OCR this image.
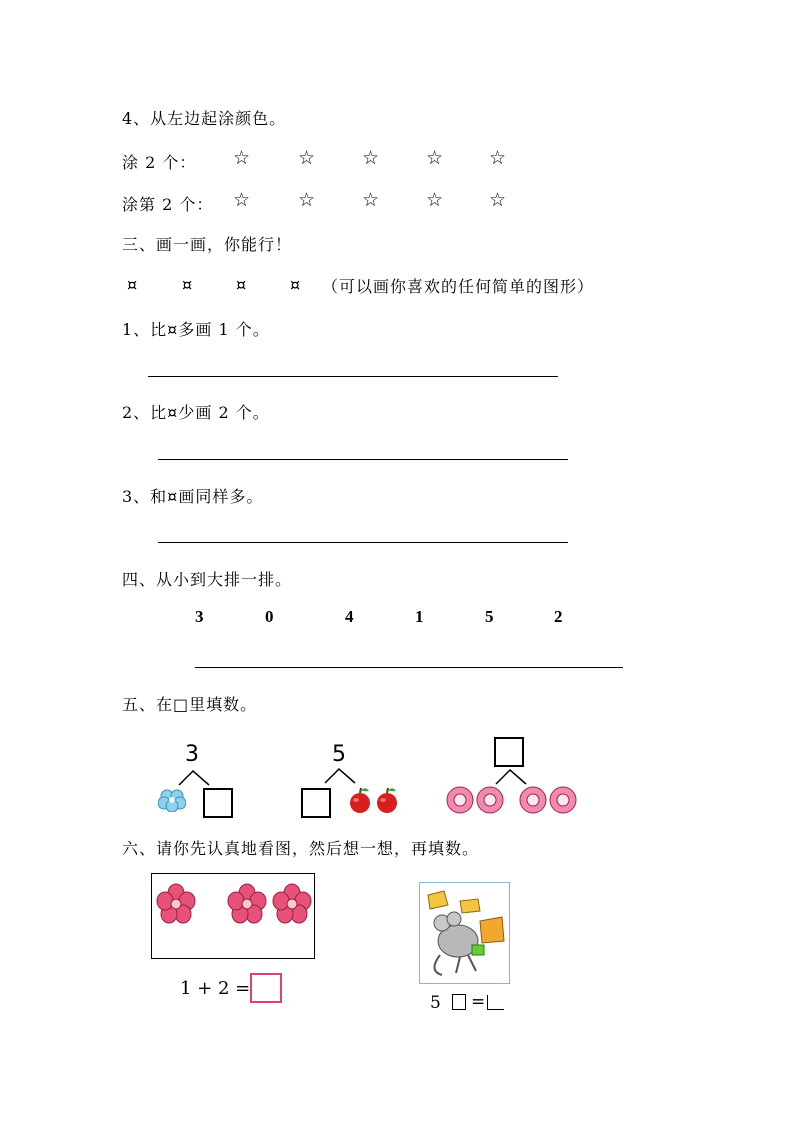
4、从左边起涂颜色。
涂 2 个： ☆	☆ ☆ ☆ ☆
涂第 2 个： ☆	☆ ☆ ☆ ☆
三、画一画，你能行！
¤	¤	¤	¤ （可以画你喜欢的任何简单的图形）
1、比¤多画 1 个。
2、比¤少画 2 个。
3、和¤画同样多。
四、从小到大排一排。
3	0	4	1	5	2
五、在□里填数。
3	5
六、请你先认真地看图，然后想一想，再填数。
1 + 2 =
5 =
